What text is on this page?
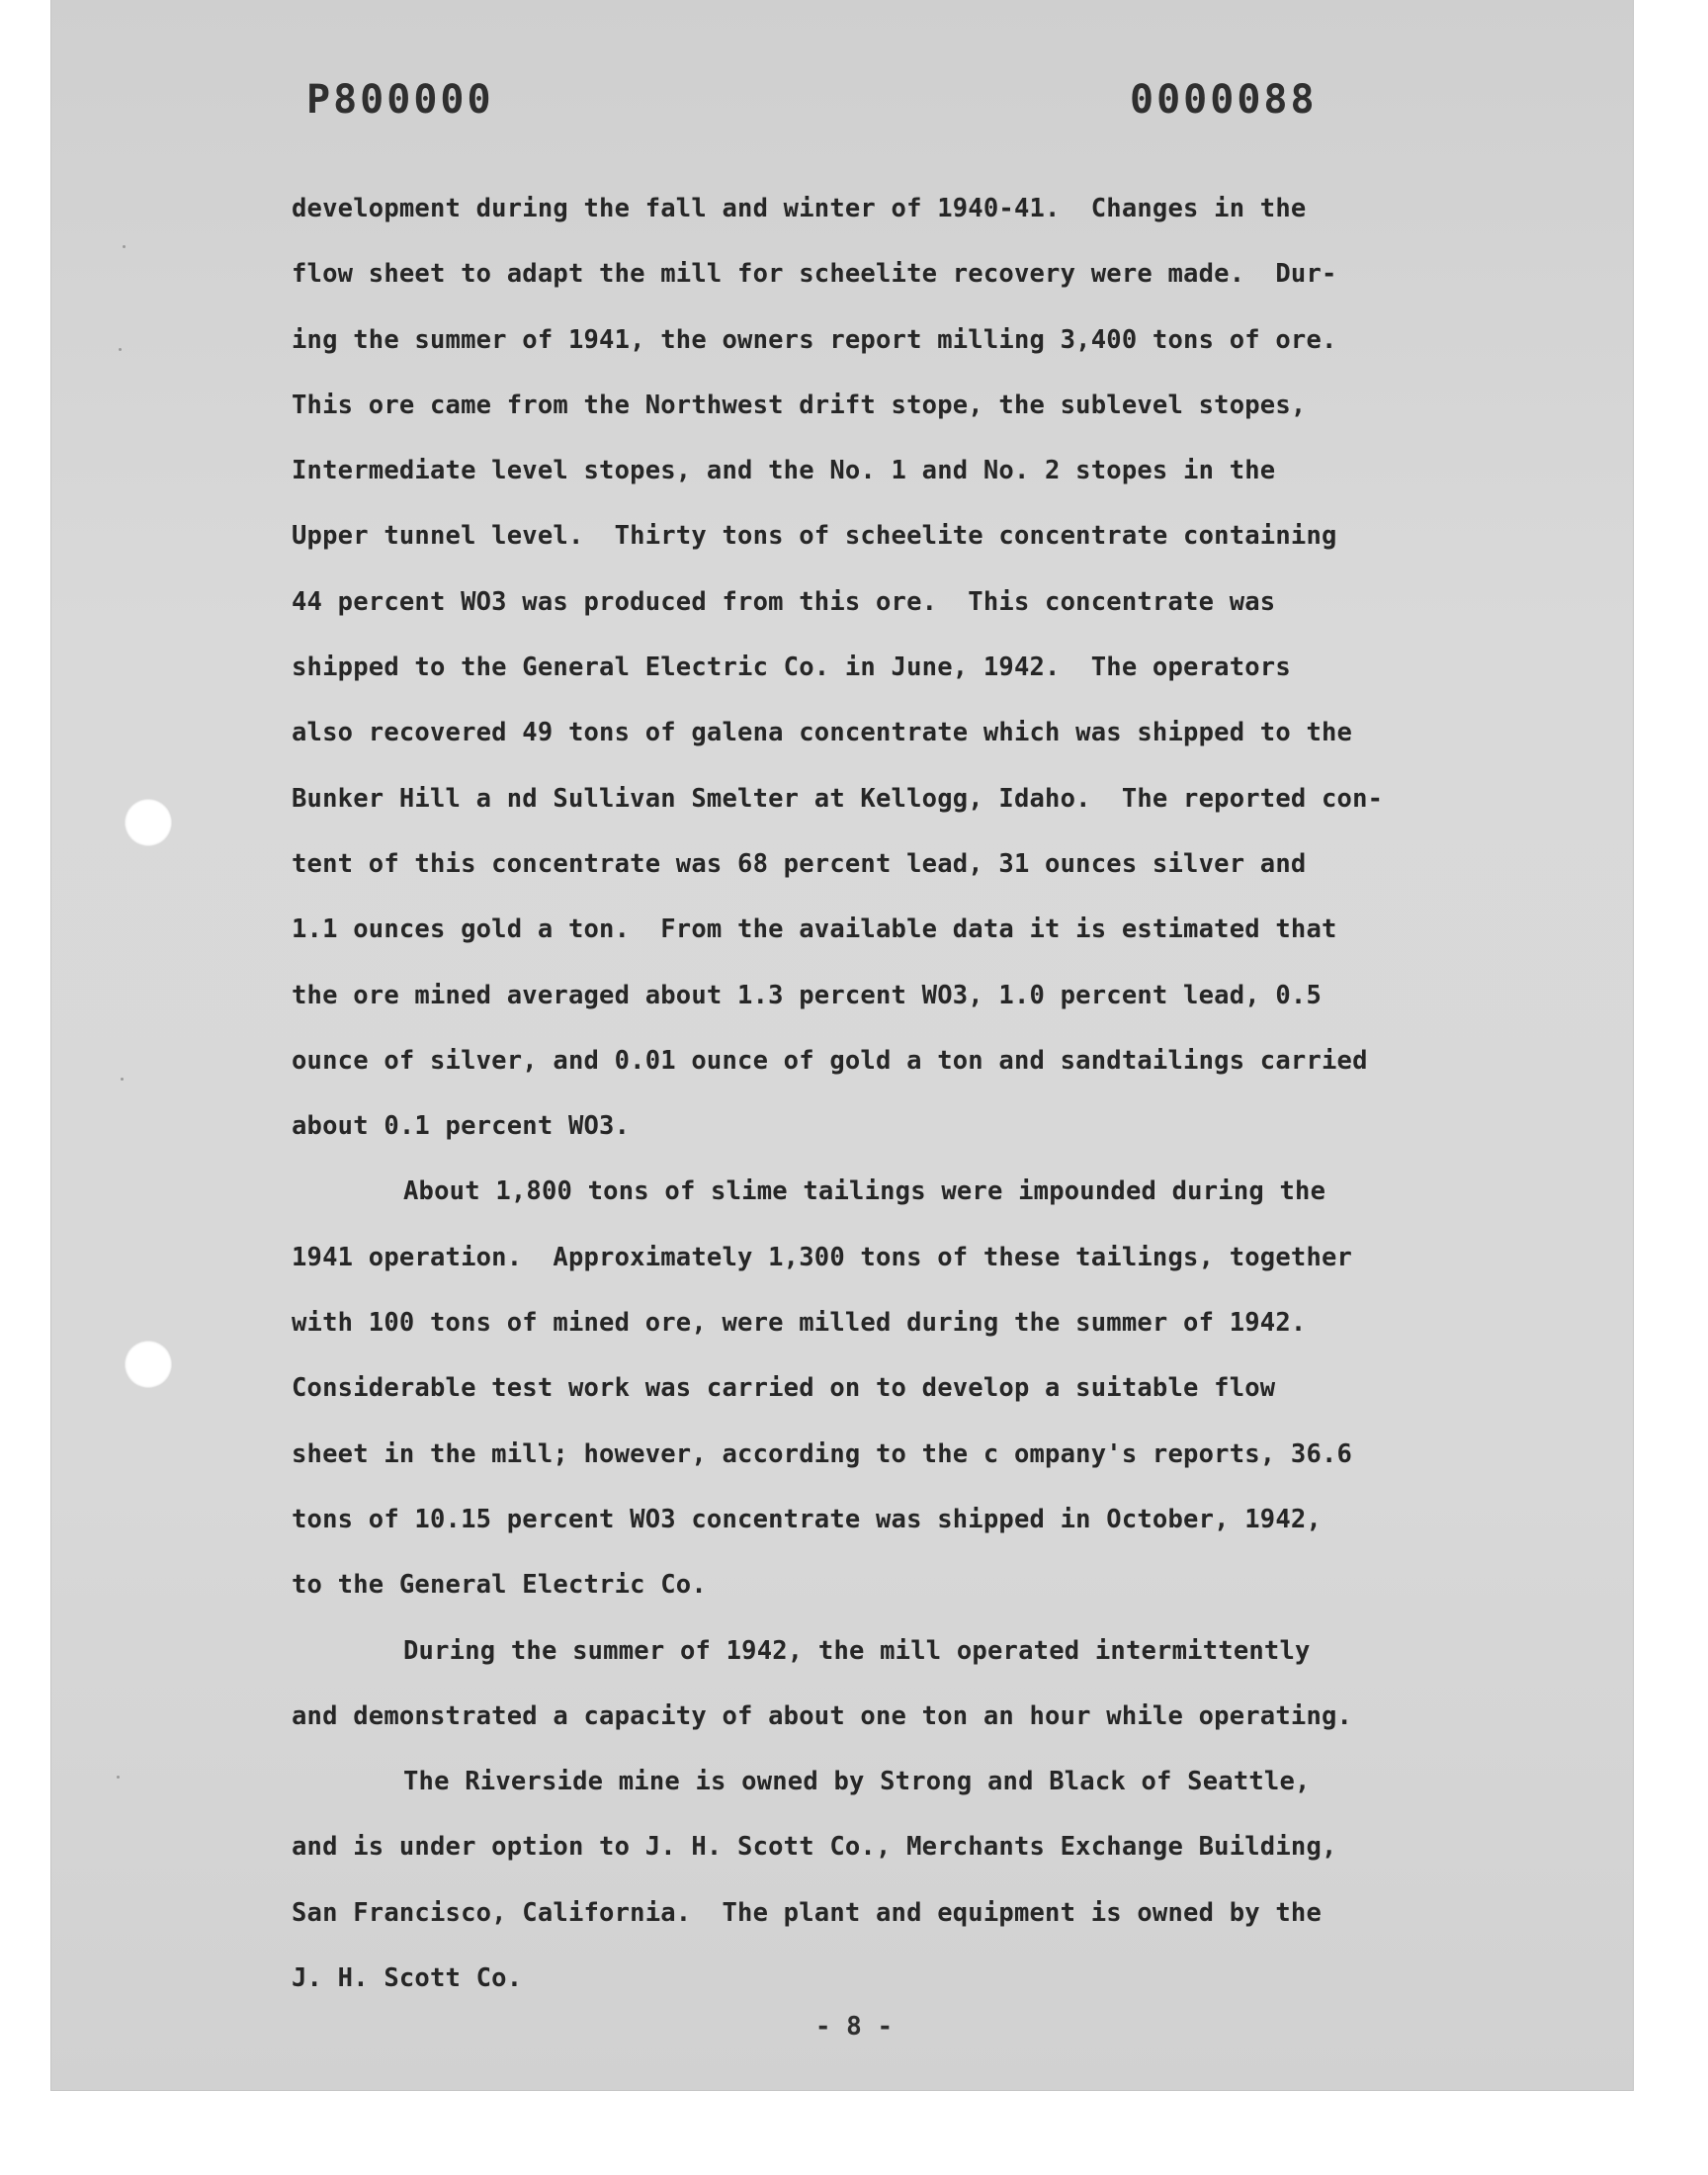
P800000	0000088
development during the fall and winter of 1940-41.  Changes in the
flow sheet to adapt the mill for scheelite recovery were made.  Dur-
ing the summer of 1941, the owners report milling 3,400 tons of ore.
This ore came from the Northwest drift stope, the sublevel stopes,
Intermediate level stopes, and the No. 1 and No. 2 stopes in the
Upper tunnel level.  Thirty tons of scheelite concentrate containing
44 percent WO3 was produced from this ore.  This concentrate was
shipped to the General Electric Co. in June, 1942.  The operators
also recovered 49 tons of galena concentrate which was shipped to the
Bunker Hill a nd Sullivan Smelter at Kellogg, Idaho.  The reported con-
tent of this concentrate was 68 percent lead, 31 ounces silver and
1.1 ounces gold a ton.  From the available data it is estimated that
the ore mined averaged about 1.3 percent WO3, 1.0 percent lead, 0.5
ounce of silver, and 0.01 ounce of gold a ton and sandtailings carried
about 0.1 percent WO3.
About 1,800 tons of slime tailings were impounded during the
1941 operation.  Approximately 1,300 tons of these tailings, together
with 100 tons of mined ore, were milled during the summer of 1942.
Considerable test work was carried on to develop a suitable flow
sheet in the mill; however, according to the c ompany's reports, 36.6
tons of 10.15 percent WO3 concentrate was shipped in October, 1942,
to the General Electric Co.
During the summer of 1942, the mill operated intermittently
and demonstrated a capacity of about one ton an hour while operating.
The Riverside mine is owned by Strong and Black of Seattle,
and is under option to J. H. Scott Co., Merchants Exchange Building,
San Francisco, California.  The plant and equipment is owned by the
J. H. Scott Co.
- 8 -
